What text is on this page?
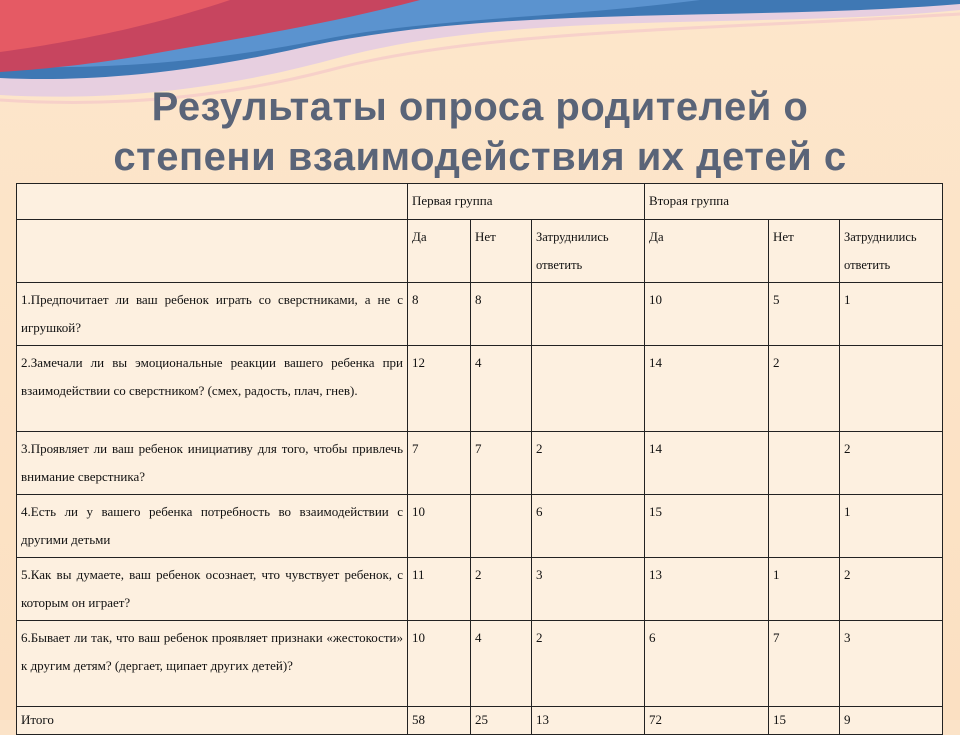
Результаты опроса родителей о
степени взаимодействия их детей с
	Первая группа			Вторая группа		
	Да	Нет	Затруднились ответить	Да	Нет	Затруднились ответить
1.Предпочитает ли ваш ребенок играть со сверстниками, а не с игрушкой?	8	8		10	5	1
2.Замечали ли вы эмоциональные реакции вашего ребенка при взаимодействии со сверстником? (смех, радость, плач, гнев).	12	4		14	2	
3.Проявляет ли ваш ребенок инициативу для того, чтобы привлечь внимание сверстника?	7	7	2	14		2
4.Есть ли у вашего ребенка потребность во взаимодействии с другими детьми	10		6	15		1
5.Как вы думаете, ваш ребенок осознает, что чувствует ребенок, с которым он играет?	11	2	3	13	1	2
6.Бывает ли так, что ваш ребенок проявляет признаки «жестокости» к другим детям? (дергает, щипает других детей)?	10	4	2	6	7	3
Итого	58	25	13	72	15	9
